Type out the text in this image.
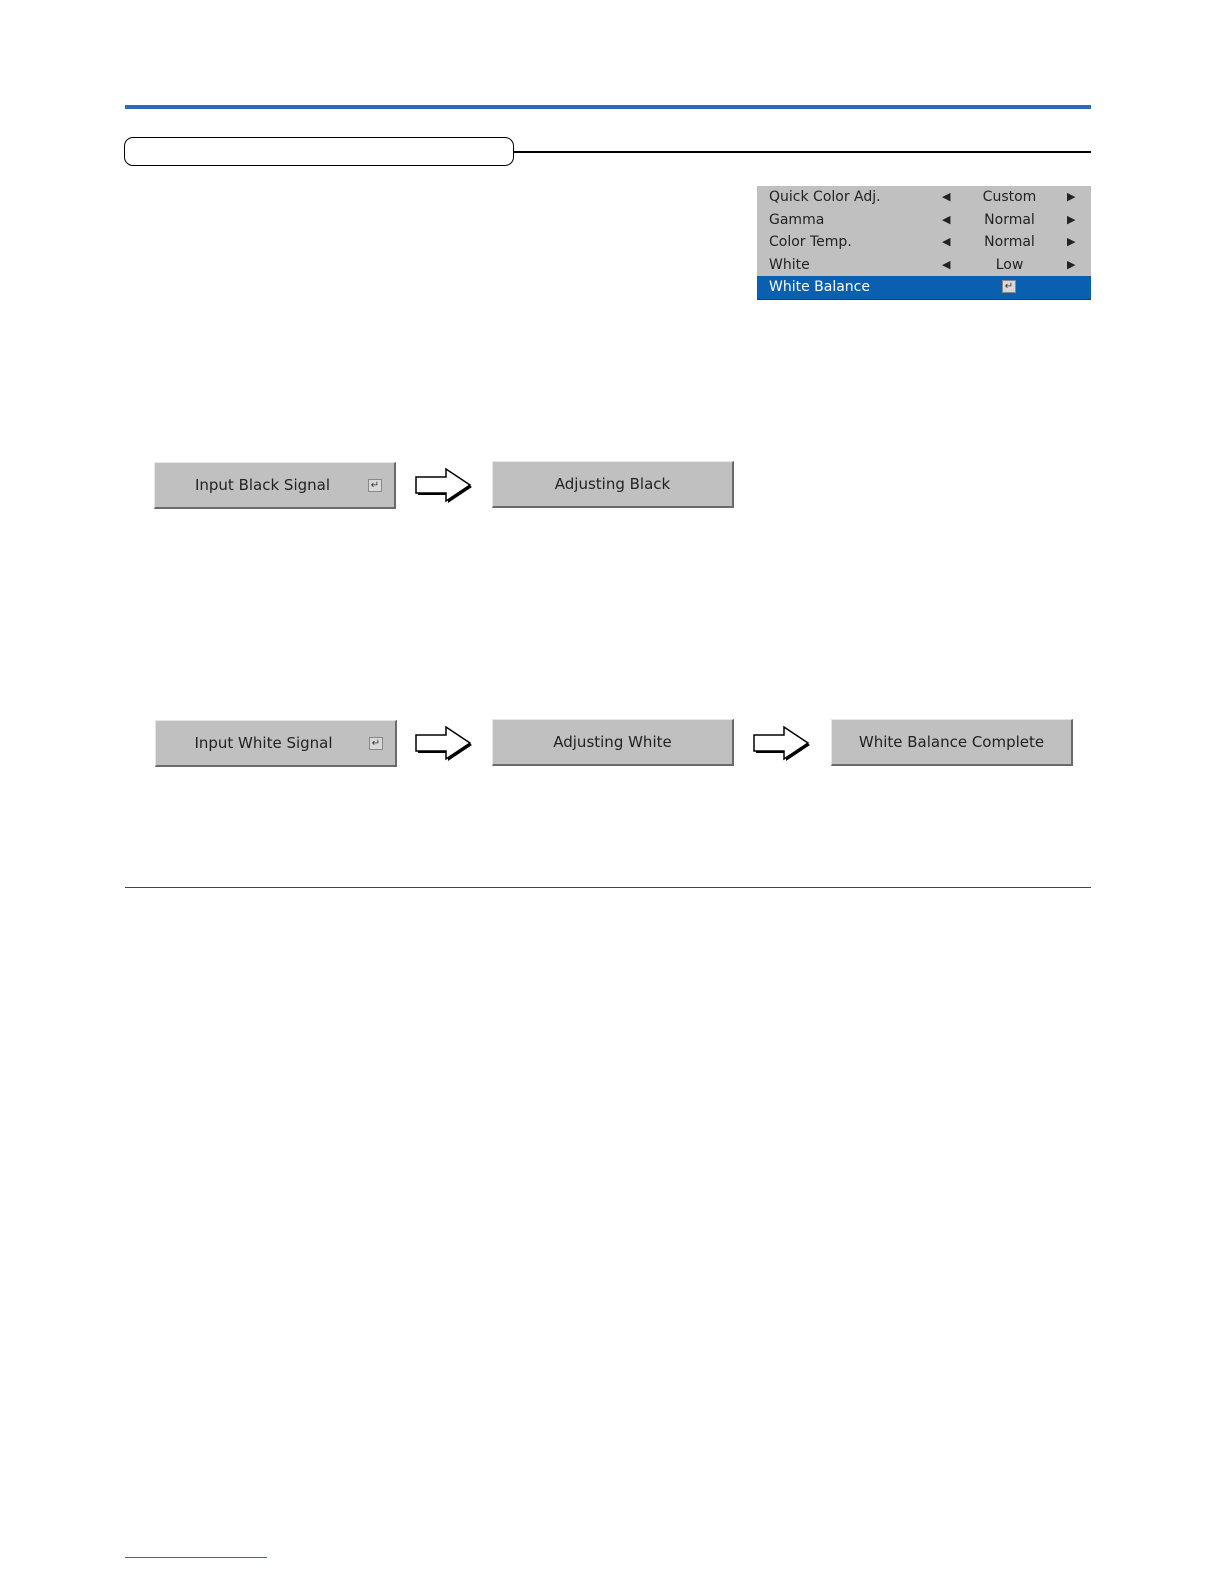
Quick Color Adj.	◀	Custom	▶
Gamma	◀	Normal	▶
Color Temp.	◀	Normal	▶
White	◀	Low	▶
White Balance	↵
Input Black Signal	↵	Adjusting Black
Input White Signal	↵	Adjusting White	White Balance Complete
